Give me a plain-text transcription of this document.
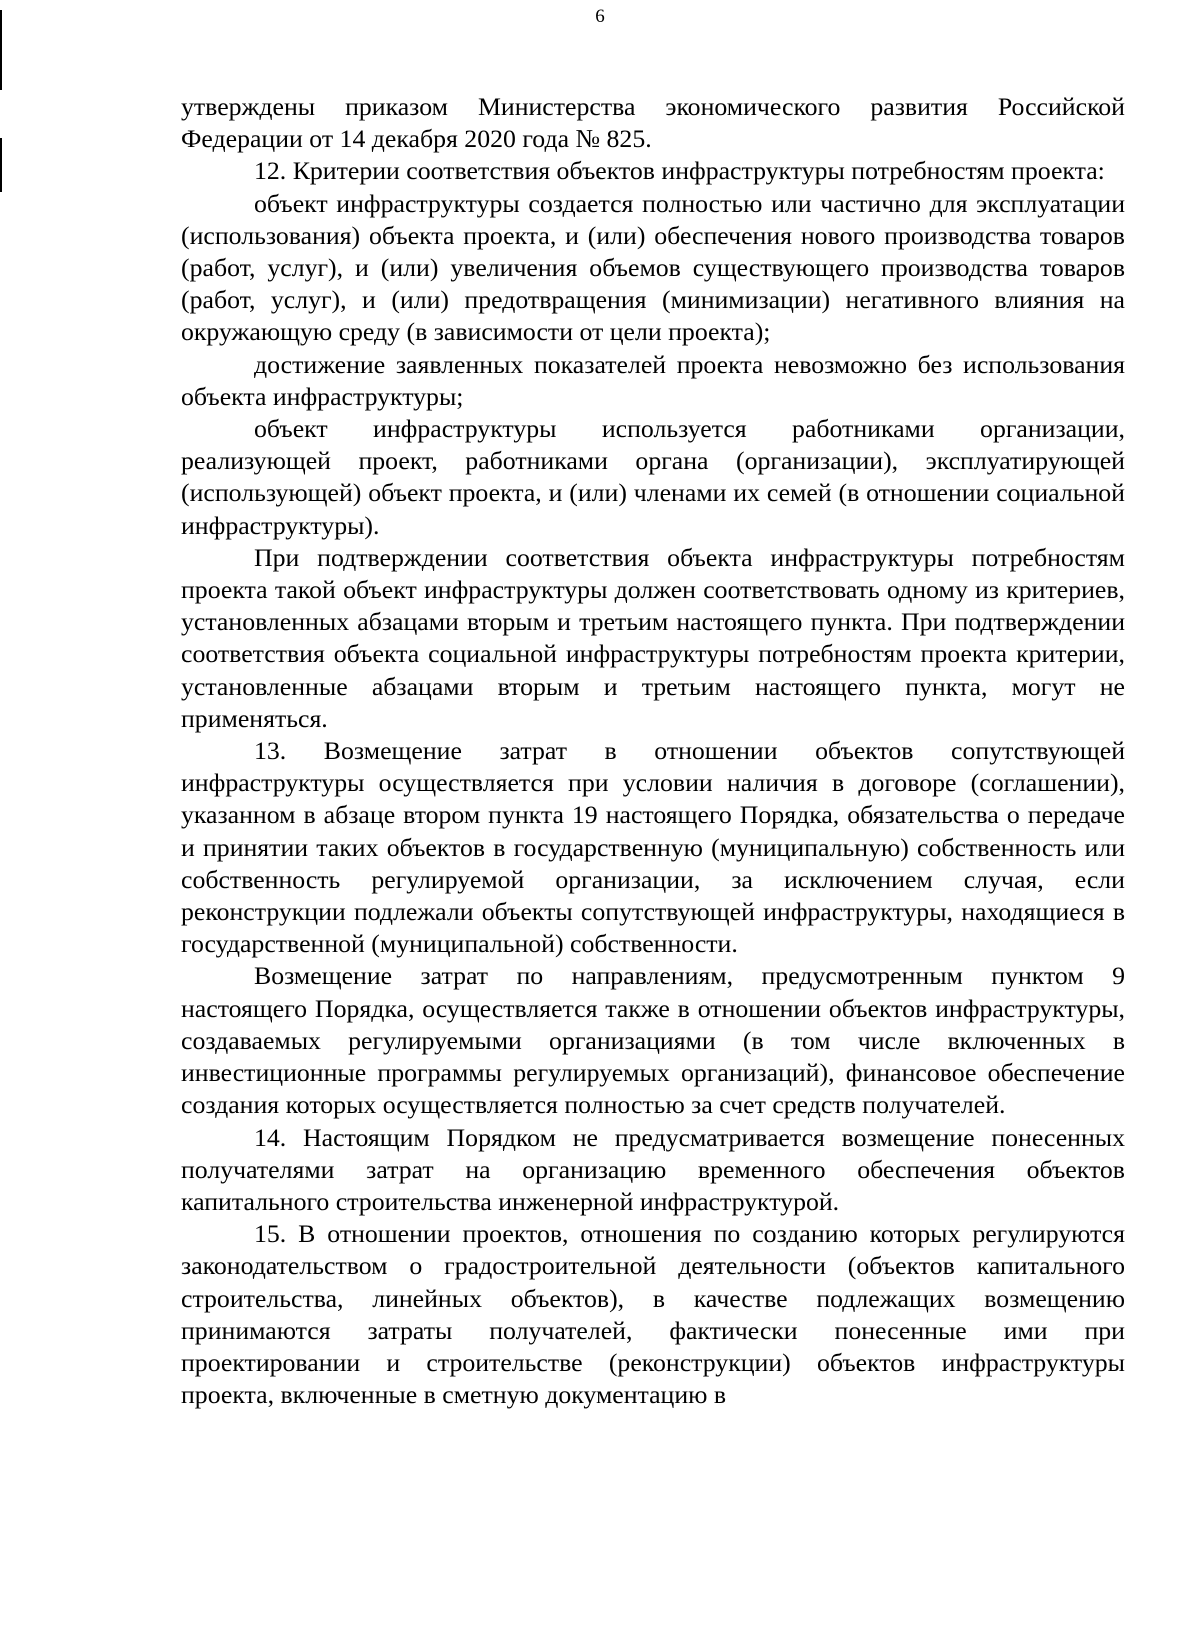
6

утверждены приказом Министерства экономического развития Российской Федерации от 14 декабря 2020 года № 825.

12. Критерии соответствия объектов инфраструктуры потребностям проекта:

объект инфраструктуры создается полностью или частично для эксплуатации (использования) объекта проекта, и (или) обеспечения нового производства товаров (работ, услуг), и (или) увеличения объемов существующего производства товаров (работ, услуг), и (или) предотвращения (минимизации) негативного влияния на окружающую среду (в зависимости от цели проекта);

достижение заявленных показателей проекта невозможно без использования объекта инфраструктуры;

объект инфраструктуры используется работниками организации, реализующей проект, работниками органа (организации), эксплуатирующей (использующей) объект проекта, и (или) членами их семей (в отношении социальной инфраструктуры).

При подтверждении соответствия объекта инфраструктуры потребностям проекта такой объект инфраструктуры должен соответствовать одному из критериев, установленных абзацами вторым и третьим настоящего пункта. При подтверждении соответствия объекта социальной инфраструктуры потребностям проекта критерии, установленные абзацами вторым и третьим настоящего пункта, могут не применяться.

13. Возмещение затрат в отношении объектов сопутствующей инфраструктуры осуществляется при условии наличия в договоре (соглашении), указанном в абзаце втором пункта 19 настоящего Порядка, обязательства о передаче и принятии таких объектов в государственную (муниципальную) собственность или собственность регулируемой организации, за исключением случая, если реконструкции подлежали объекты сопутствующей инфраструктуры, находящиеся в государственной (муниципальной) собственности.

Возмещение затрат по направлениям, предусмотренным пунктом 9 настоящего Порядка, осуществляется также в отношении объектов инфраструктуры, создаваемых регулируемыми организациями (в том числе включенных в инвестиционные программы регулируемых организаций), финансовое обеспечение создания которых осуществляется полностью за счет средств получателей.

14. Настоящим Порядком не предусматривается возмещение понесенных получателями затрат на организацию временного обеспечения объектов капитального строительства инженерной инфраструктурой.

15. В отношении проектов, отношения по созданию которых регулируются законодательством о градостроительной деятельности (объектов капитального строительства, линейных объектов), в качестве подлежащих возмещению принимаются затраты получателей, фактически понесенные ими при проектировании и строительстве (реконструкции) объектов инфраструктуры проекта, включенные в сметную документацию в
